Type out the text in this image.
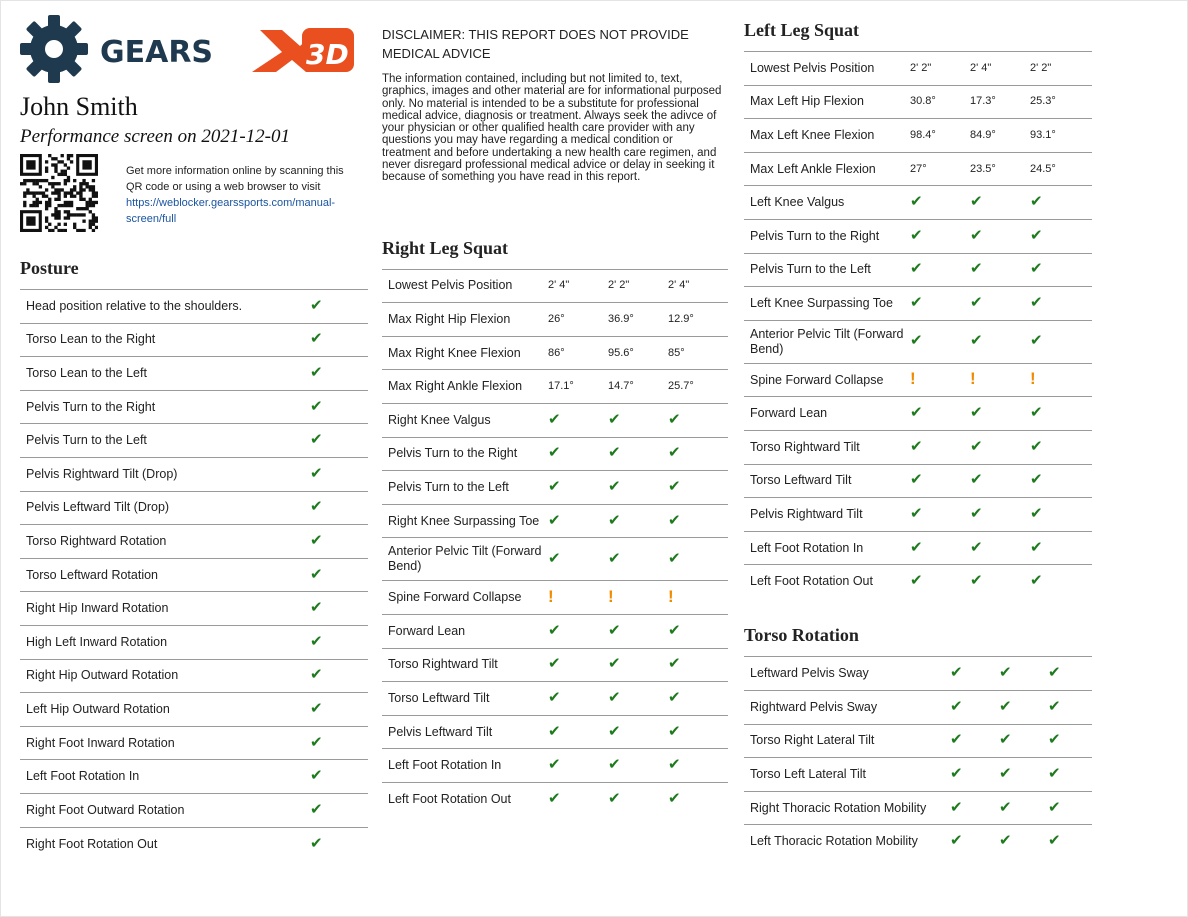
GEARS	3D
John Smith
Performance screen on 2021-12-01
Get more information online by scanning this QR code or using a web browser to visit
https://weblocker.gearssports.com/manual-screen/full
Posture
Head position relative to the shoulders.	✔
Torso Lean to the Right	✔
Torso Lean to the Left	✔
Pelvis Turn to the Right	✔
Pelvis Turn to the Left	✔
Pelvis Rightward Tilt (Drop)	✔
Pelvis Leftward Tilt (Drop)	✔
Torso Rightward Rotation	✔
Torso Leftward Rotation	✔
Right Hip Inward Rotation	✔
High Left Inward Rotation	✔
Right Hip Outward Rotation	✔
Left Hip Outward Rotation	✔
Right Foot Inward Rotation	✔
Left Foot Rotation In	✔
Right Foot Outward Rotation	✔
Right Foot Rotation Out	✔
DISCLAIMER: THIS REPORT DOES NOT PROVIDE MEDICAL ADVICE
The information contained, including but not limited to, text, graphics, images and other material are for informational purposed only. No material is intended to be a substitute for professional medical advice, diagnosis or treatment. Always seek the adivce of your physician or other qualified health care provider with any questions you may have regarding a medical condition or treatment and before undertaking a new health care regimen, and never disregard professional medical advice or delay in seeking it because of something you have read in this report.
Right Leg Squat
Lowest Pelvis Position	2' 4"	2' 2"	2' 4"
Max Right Hip Flexion	26°	36.9°	12.9°
Max Right Knee Flexion	86°	95.6°	85°
Max Right Ankle Flexion	17.1°	14.7°	25.7°
Right Knee Valgus	✔	✔	✔
Pelvis Turn to the Right	✔	✔	✔
Pelvis Turn to the Left	✔	✔	✔
Right Knee Surpassing Toe	✔	✔	✔
Anterior Pelvic Tilt (Forward Bend)	✔	✔	✔
Spine Forward Collapse	!	!	!
Forward Lean	✔	✔	✔
Torso Rightward Tilt	✔	✔	✔
Torso Leftward Tilt	✔	✔	✔
Pelvis Leftward Tilt	✔	✔	✔
Left Foot Rotation In	✔	✔	✔
Left Foot Rotation Out	✔	✔	✔
Left Leg Squat
Lowest Pelvis Position	2' 2"	2' 4"	2' 2"
Max Left Hip Flexion	30.8°	17.3°	25.3°
Max Left Knee Flexion	98.4°	84.9°	93.1°
Max Left Ankle Flexion	27°	23.5°	24.5°
Left Knee Valgus	✔	✔	✔
Pelvis Turn to the Right	✔	✔	✔
Pelvis Turn to the Left	✔	✔	✔
Left Knee Surpassing Toe	✔	✔	✔
Anterior Pelvic Tilt (Forward Bend)	✔	✔	✔
Spine Forward Collapse	!	!	!
Forward Lean	✔	✔	✔
Torso Rightward Tilt	✔	✔	✔
Torso Leftward Tilt	✔	✔	✔
Pelvis Rightward Tilt	✔	✔	✔
Left Foot Rotation In	✔	✔	✔
Left Foot Rotation Out	✔	✔	✔
Torso Rotation
Leftward Pelvis Sway	✔	✔	✔
Rightward Pelvis Sway	✔	✔	✔
Torso Right Lateral Tilt	✔	✔	✔
Torso Left Lateral Tilt	✔	✔	✔
Right Thoracic Rotation Mobility	✔	✔	✔
Left Thoracic Rotation Mobility	✔	✔	✔
